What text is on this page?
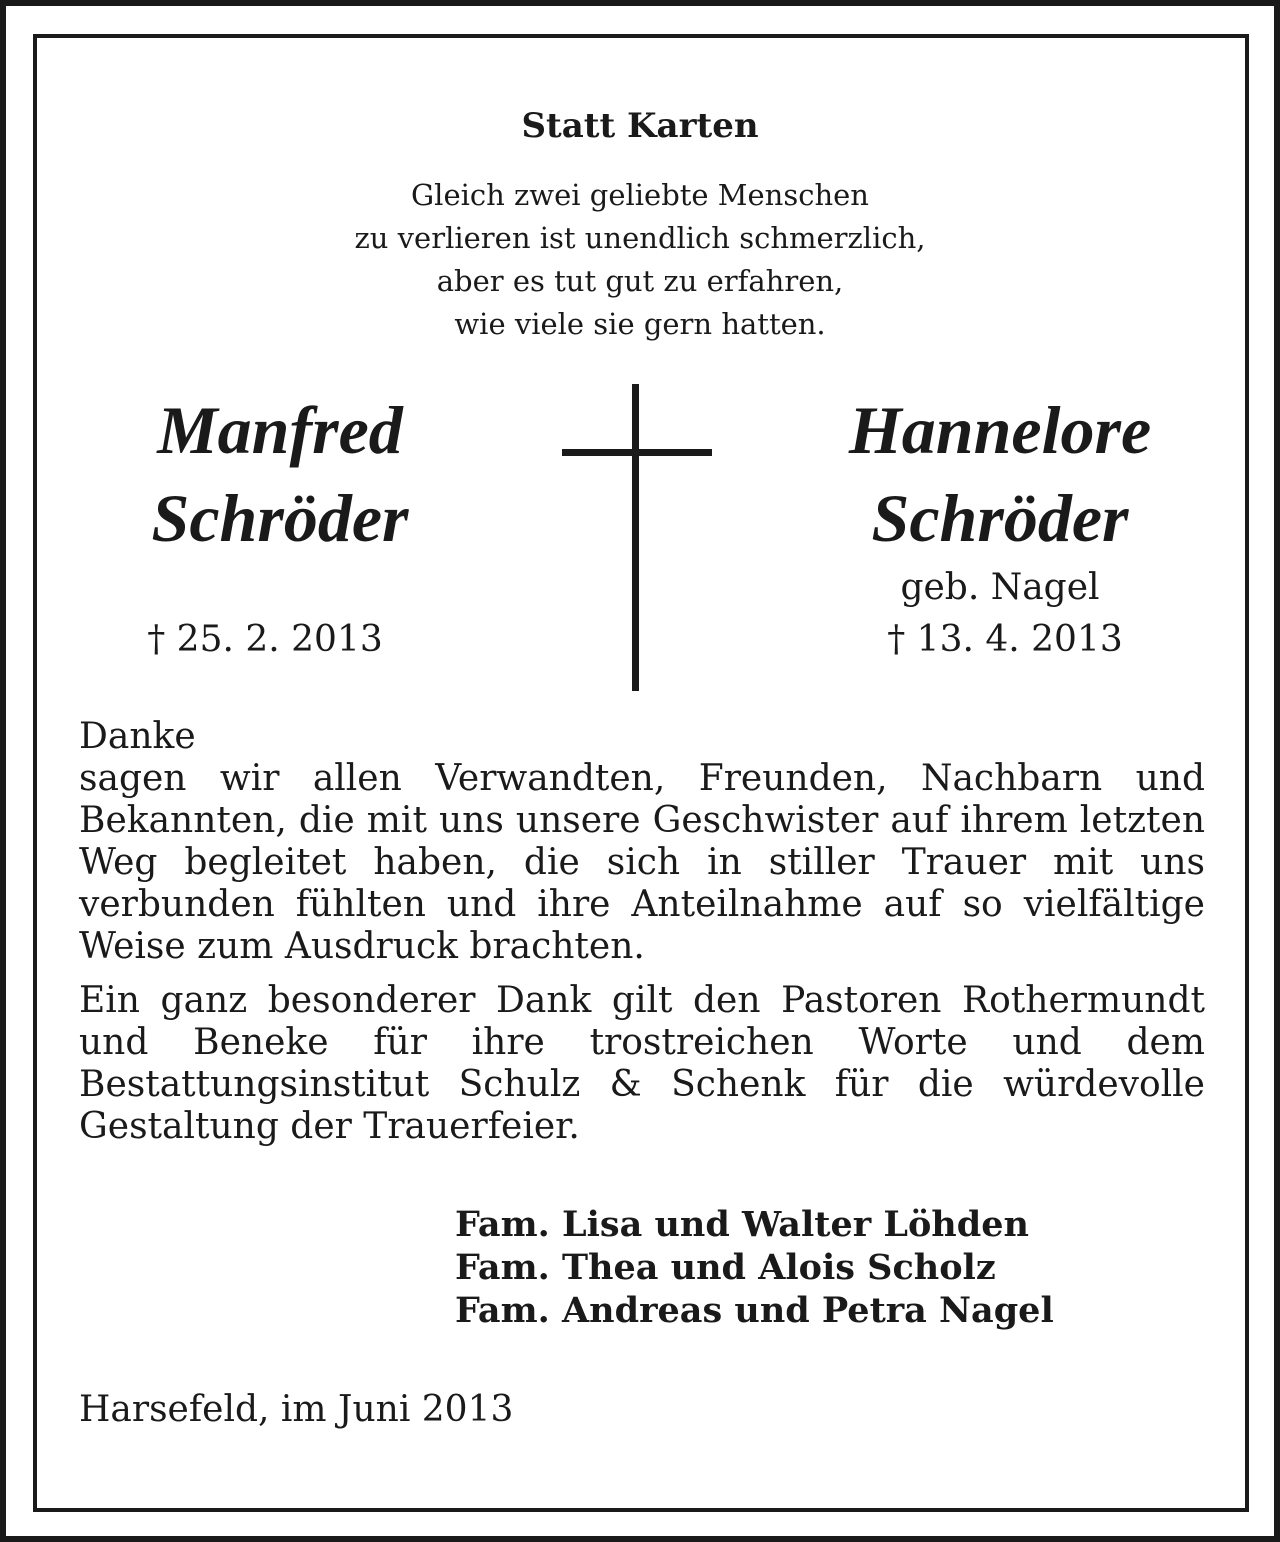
Statt Karten
Gleich zwei geliebte Menschen
zu verlieren ist unendlich schmerzlich,
aber es tut gut zu erfahren,
wie viele sie gern hatten.
Manfred
Schröder
Hannelore
Schröder
geb. Nagel
† 25. 2. 2013	† 13. 4. 2013
Danke
sagen wir allen Verwandten, Freunden, Nachbarn und Bekannten, die mit uns unsere Geschwister auf ihrem letzten Weg begleitet haben, die sich in stiller Trauer mit uns verbunden fühlten und ihre Anteilnahme auf so vielfältige Weise zum Ausdruck brachten.
Ein ganz besonderer Dank gilt den Pastoren Rothermundt und Beneke für ihre trostreichen Worte und dem Bestattungsinstitut Schulz & Schenk für die würdevolle Gestaltung der Trauerfeier.
Fam. Lisa und Walter Löhden
Fam. Thea und Alois Scholz
Fam. Andreas und Petra Nagel
Harsefeld, im Juni 2013
